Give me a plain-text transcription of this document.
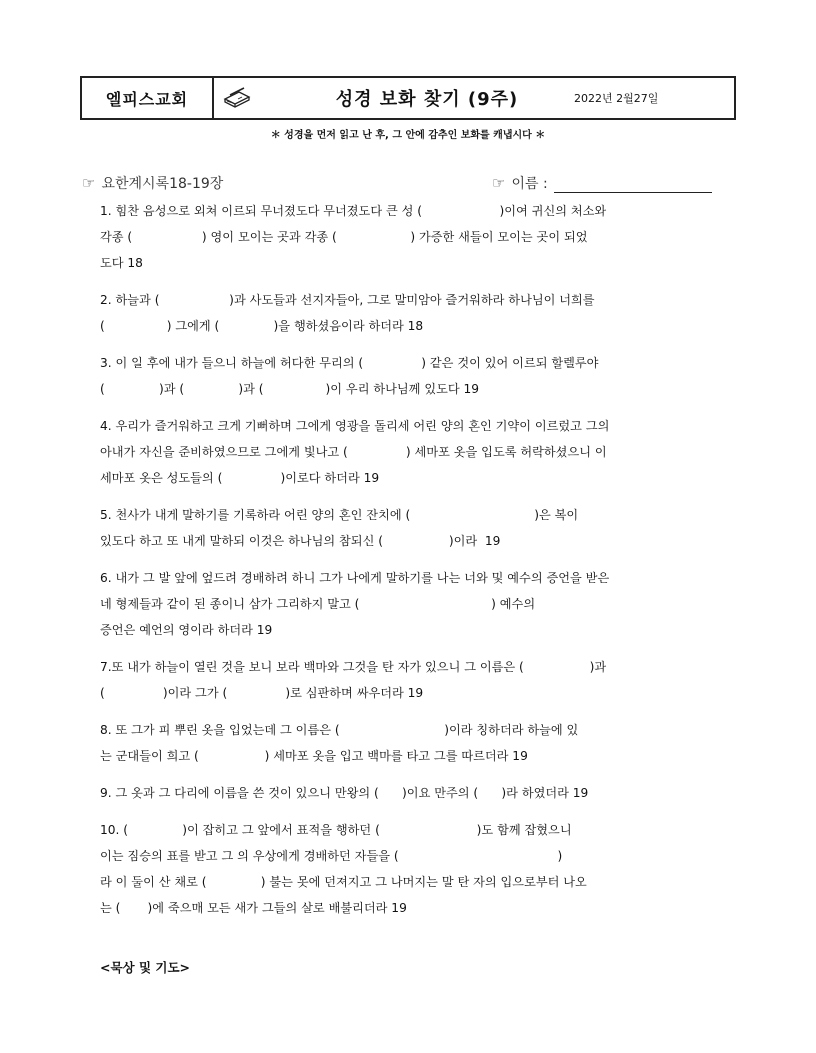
엘피스교회	성경 보화 찾기 (9주)	2022년 2월27일
＊ 성경을 먼저 읽고 난 후, 그 안에 감추인 보화를 캐냅시다 ＊
☞ 요한계시록18-19장	☞ 이름 :

1. 힘찬 음성으로 외쳐 이르되 무너졌도다 무너졌도다 큰 성 (                    )이여 귀신의 처소와

각종 (                  ) 영이 모이는 곳과 각종 (                   ) 가증한 새들이 모이는 곳이 되었

도다 18

2. 하늘과 (                  )과 사도들과 선지자들아, 그로 말미암아 즐거워하라 하나님이 너희를

(                ) 그에게 (              )을 행하셨음이라 하더라 18

3. 이 일 후에 내가 들으니 하늘에 허다한 무리의 (               ) 같은 것이 있어 이르되 할렐루야

(              )과 (              )과 (                )이 우리 하나님께 있도다 19

4. 우리가 즐거워하고 크게 기뻐하며 그에게 영광을 돌리세 어린 양의 혼인 기약이 이르렀고 그의

아내가 자신을 준비하였으므로 그에게 빛나고 (               ) 세마포 옷을 입도록 허락하셨으니 이

세마포 옷은 성도들의 (               )이로다 하더라 19

5. 천사가 내게 말하기를 기록하라 어린 양의 혼인 잔치에 (                                )은 복이

있도다 하고 또 내게 말하되 이것은 하나님의 참되신 (                 )이라  19

6. 내가 그 발 앞에 엎드려 경배하려 하니 그가 나에게 말하기를 나는 너와 및 예수의 증언을 받은

네 형제들과 같이 된 종이니 삼가 그리하지 말고 (                                  ) 예수의

증언은 예언의 영이라 하더라 19

7.또 내가 하늘이 열린 것을 보니 보라 백마와 그것을 탄 자가 있으니 그 이름은 (                 )과

(               )이라 그가 (               )로 심판하며 싸우더라 19

8. 또 그가 피 뿌린 옷을 입었는데 그 이름은 (                           )이라 칭하더라 하늘에 있

는 군대들이 희고 (                 ) 세마포 옷을 입고 백마를 타고 그를 따르더라 19

9. 그 옷과 그 다리에 이름을 쓴 것이 있으니 만왕의 (      )이요 만주의 (      )라 하였더라 19

10. (              )이 잡히고 그 앞에서 표적을 행하던 (                         )도 함께 잡혔으니

이는 짐승의 표를 받고 그 의 우상에게 경배하던 자들을 (                                         )

라 이 둘이 산 채로 (              ) 불는 못에 던져지고 그 나머지는 말 탄 자의 입으로부터 나오

는 (       )에 죽으매 모든 새가 그들의 살로 배불리더라 19

<묵상 및 기도>
